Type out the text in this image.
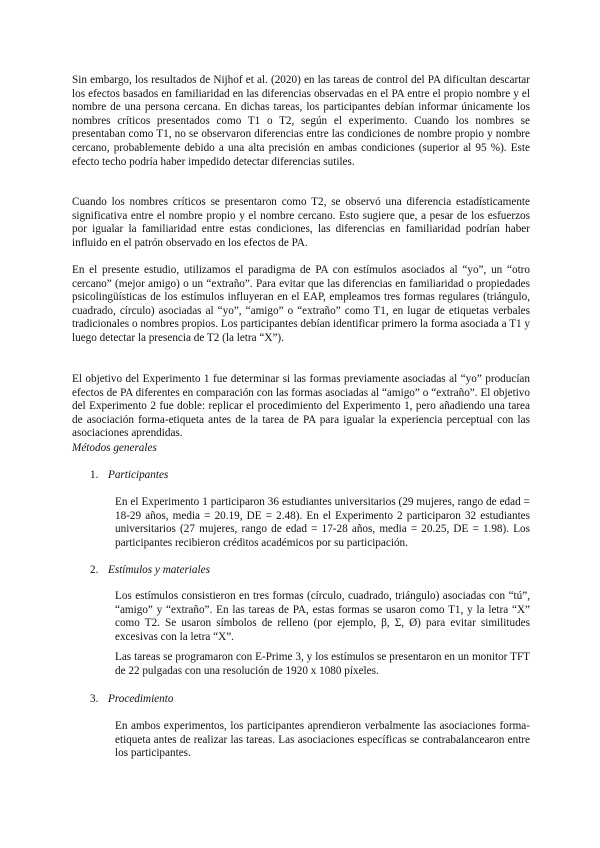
Sin embargo, los resultados de Nijhof et al. (2020) en las tareas de control del PA dificultan descartar los efectos basados en familiaridad en las diferencias observadas en el PA entre el propio nombre y el nombre de una persona cercana. En dichas tareas, los participantes debían informar únicamente los nombres críticos presentados como T1 o T2, según el experimento. Cuando los nombres se presentaban como T1, no se observaron diferencias entre las condiciones de nombre propio y nombre cercano, probablemente debido a una alta precisión en ambas condiciones (superior al 95 %). Este efecto techo podría haber impedido detectar diferencias sutiles.

Cuando los nombres críticos se presentaron como T2, se observó una diferencia estadísticamente significativa entre el nombre propio y el nombre cercano. Esto sugiere que, a pesar de los esfuerzos por igualar la familiaridad entre estas condiciones, las diferencias en familiaridad podrían haber influido en el patrón observado en los efectos de PA.

En el presente estudio, utilizamos el paradigma de PA con estímulos asociados al “yo”, un “otro cercano” (mejor amigo) o un “extraño”. Para evitar que las diferencias en familiaridad o propiedades psicolingüísticas de los estímulos influyeran en el EAP, empleamos tres formas regulares (triángulo, cuadrado, círculo) asociadas al “yo”, “amigo” o “extraño” como T1, en lugar de etiquetas verbales tradicionales o nombres propios. Los participantes debían identificar primero la forma asociada a T1 y luego detectar la presencia de T2 (la letra “X”).

El objetivo del Experimento 1 fue determinar si las formas previamente asociadas al “yo” producían efectos de PA diferentes en comparación con las formas asociadas al “amigo” o “extraño”. El objetivo del Experimento 2 fue doble: replicar el procedimiento del Experimento 1, pero añadiendo una tarea de asociación forma-etiqueta antes de la tarea de PA para igualar la experiencia perceptual con las asociaciones aprendidas.

Métodos generales

1. Participantes

En el Experimento 1 participaron 36 estudiantes universitarios (29 mujeres, rango de edad = 18-29 años, media = 20.19, DE = 2.48). En el Experimento 2 participaron 32 estudiantes universitarios (27 mujeres, rango de edad = 17-28 años, media = 20.25, DE = 1.98). Los participantes recibieron créditos académicos por su participación.

2. Estímulos y materiales

Los estímulos consistieron en tres formas (círculo, cuadrado, triángulo) asociadas con “tú”, “amigo” y “extraño”. En las tareas de PA, estas formas se usaron como T1, y la letra “X” como T2. Se usaron símbolos de relleno (por ejemplo, β, Σ, Ø) para evitar similitudes excesivas con la letra “X”.

Las tareas se programaron con E-Prime 3, y los estímulos se presentaron en un monitor TFT de 22 pulgadas con una resolución de 1920 x 1080 píxeles.

3. Procedimiento

En ambos experimentos, los participantes aprendieron verbalmente las asociaciones forma-etiqueta antes de realizar las tareas. Las asociaciones específicas se contrabalancearon entre los participantes.
